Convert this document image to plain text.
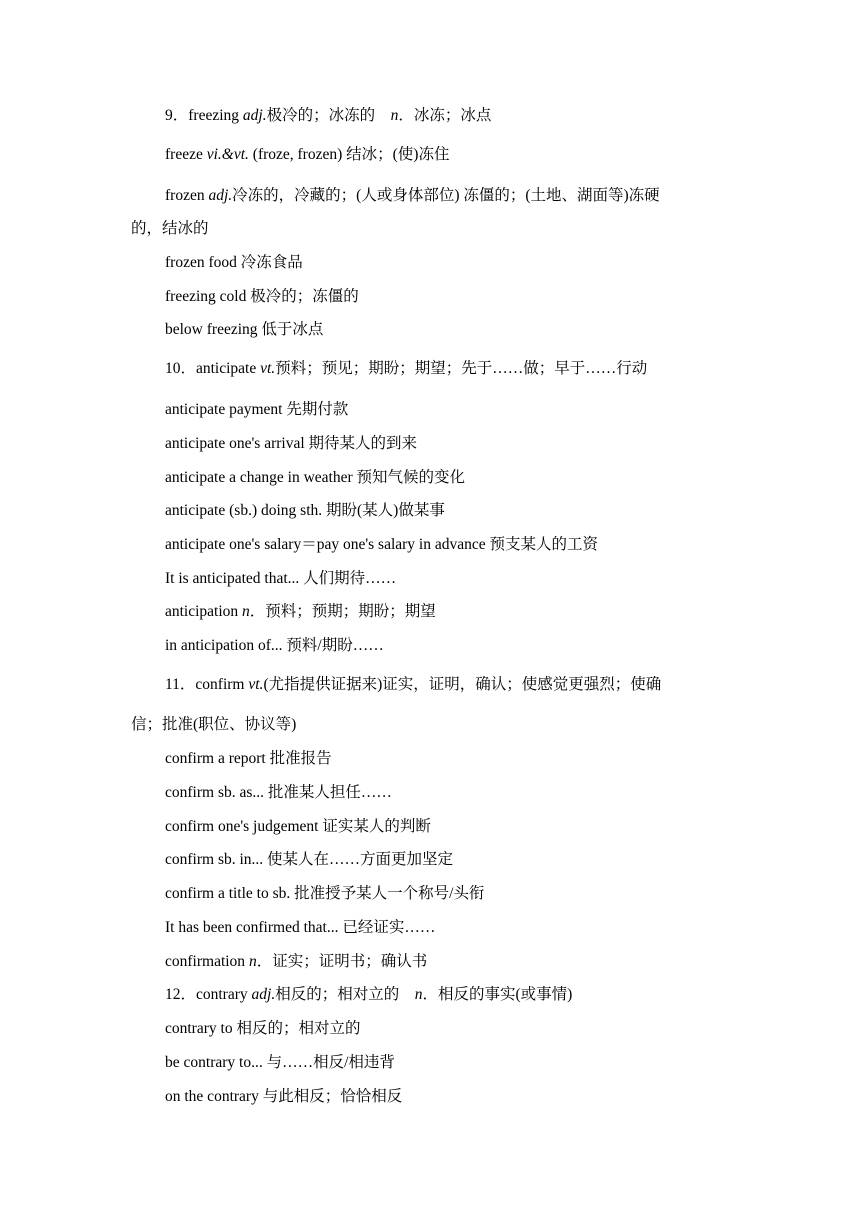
9．freezing adj.极冷的；冰冻的　n．冰冻；冰点
freeze vi.&vt. (froze, frozen) 结冰；(使)冻住
frozen adj.冷冻的，冷藏的；(人或身体部位) 冻僵的；(土地、湖面等)冻硬
的，结冰的
frozen food 冷冻食品
freezing cold 极冷的；冻僵的
below freezing 低于冰点
10．anticipate vt.预料；预见；期盼；期望；先于……做；早于……行动
anticipate payment 先期付款
anticipate one's arrival 期待某人的到来
anticipate a change in weather 预知气候的变化
anticipate (sb.) doing sth. 期盼(某人)做某事
anticipate one's salary＝pay one's salary in advance 预支某人的工资
It is anticipated that... 人们期待……
anticipation n．预料；预期；期盼；期望
in anticipation of... 预料/期盼……
11．confirm vt.(尤指提供证据来)证实，证明，确认；使感觉更强烈；使确
信；批准(职位、协议等)
confirm a report 批准报告
confirm sb. as... 批准某人担任……
confirm one's judgement 证实某人的判断
confirm sb. in... 使某人在……方面更加坚定
confirm a title to sb. 批准授予某人一个称号/头衔
It has been confirmed that... 已经证实……
confirmation n．证实；证明书；确认书
12．contrary adj.相反的；相对立的　n．相反的事实(或事情)
contrary to 相反的；相对立的
be contrary to... 与……相反/相违背
on the contrary 与此相反；恰恰相反
